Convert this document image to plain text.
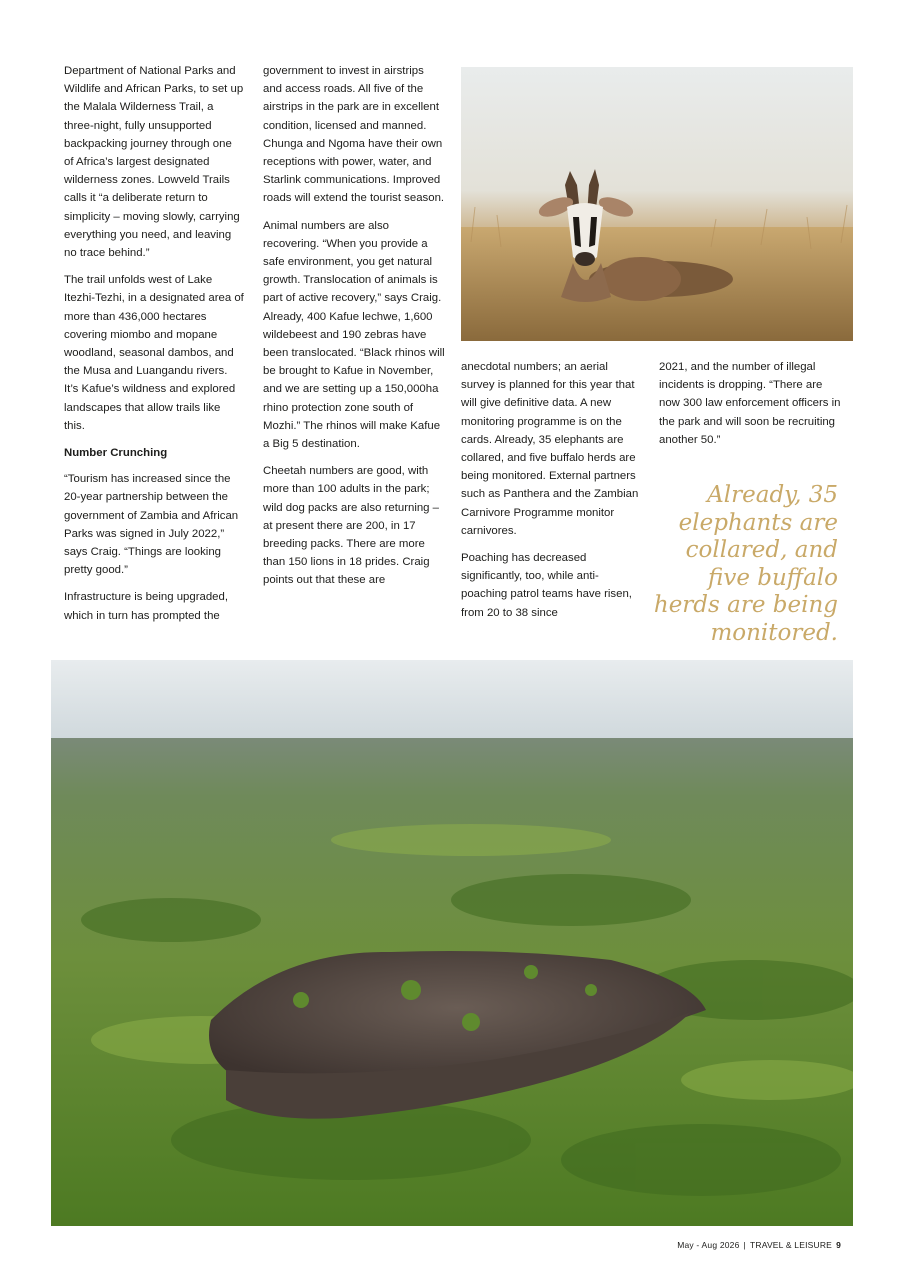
Department of National Parks and Wildlife and African Parks, to set up the Malala Wilderness Trail, a three-night, fully unsupported backpacking journey through one of Africa’s largest designated wilderness zones. Lowveld Trails calls it “a deliberate return to simplicity – moving slowly, carrying everything you need, and leaving no trace behind.”

The trail unfolds west of Lake Itezhi-Tezhi, in a designated area of more than 436,000 hectares covering miombo and mopane woodland, seasonal dambos, and the Musa and Luangandu rivers. It’s Kafue’s wildness and explored landscapes that allow trails like this.

Number Crunching

“Tourism has increased since the 20-year partnership between the government of Zambia and African Parks was signed in July 2022,” says Craig. “Things are looking pretty good.”

Infrastructure is being upgraded, which in turn has prompted the

government to invest in airstrips and access roads. All five of the airstrips in the park are in excellent condition, licensed and manned. Chunga and Ngoma have their own receptions with power, water, and Starlink communications. Improved roads will extend the tourist season.

Animal numbers are also recovering. “When you provide a safe environment, you get natural growth. Translocation of animals is part of active recovery,” says Craig. Already, 400 Kafue lechwe, 1,600 wildebeest and 190 zebras have been translocated. “Black rhinos will be brought to Kafue in November, and we are setting up a 150,000ha rhino protection zone south of Mozhi.” The rhinos will make Kafue a Big 5 destination.

Cheetah numbers are good, with more than 100 adults in the park; wild dog packs are also returning – at present there are 200, in 17 breeding packs. There are more than 150 lions in 18 prides. Craig points out that these are

anecdotal numbers; an aerial survey is planned for this year that will give definitive data. A new monitoring programme is on the cards. Already, 35 elephants are collared, and five buffalo herds are being monitored. External partners such as Panthera and the Zambian Carnivore Programme monitor carnivores.

Poaching has decreased significantly, too, while anti-poaching patrol teams have risen, from 20 to 38 since

2021, and the number of illegal incidents is dropping. “There are now 300 law enforcement officers in the park and will soon be recruiting another 50.”

Already, 35 elephants are collared, and five buffalo herds are being monitored.
May - Aug 2026 | TRAVEL & LEISURE 9
